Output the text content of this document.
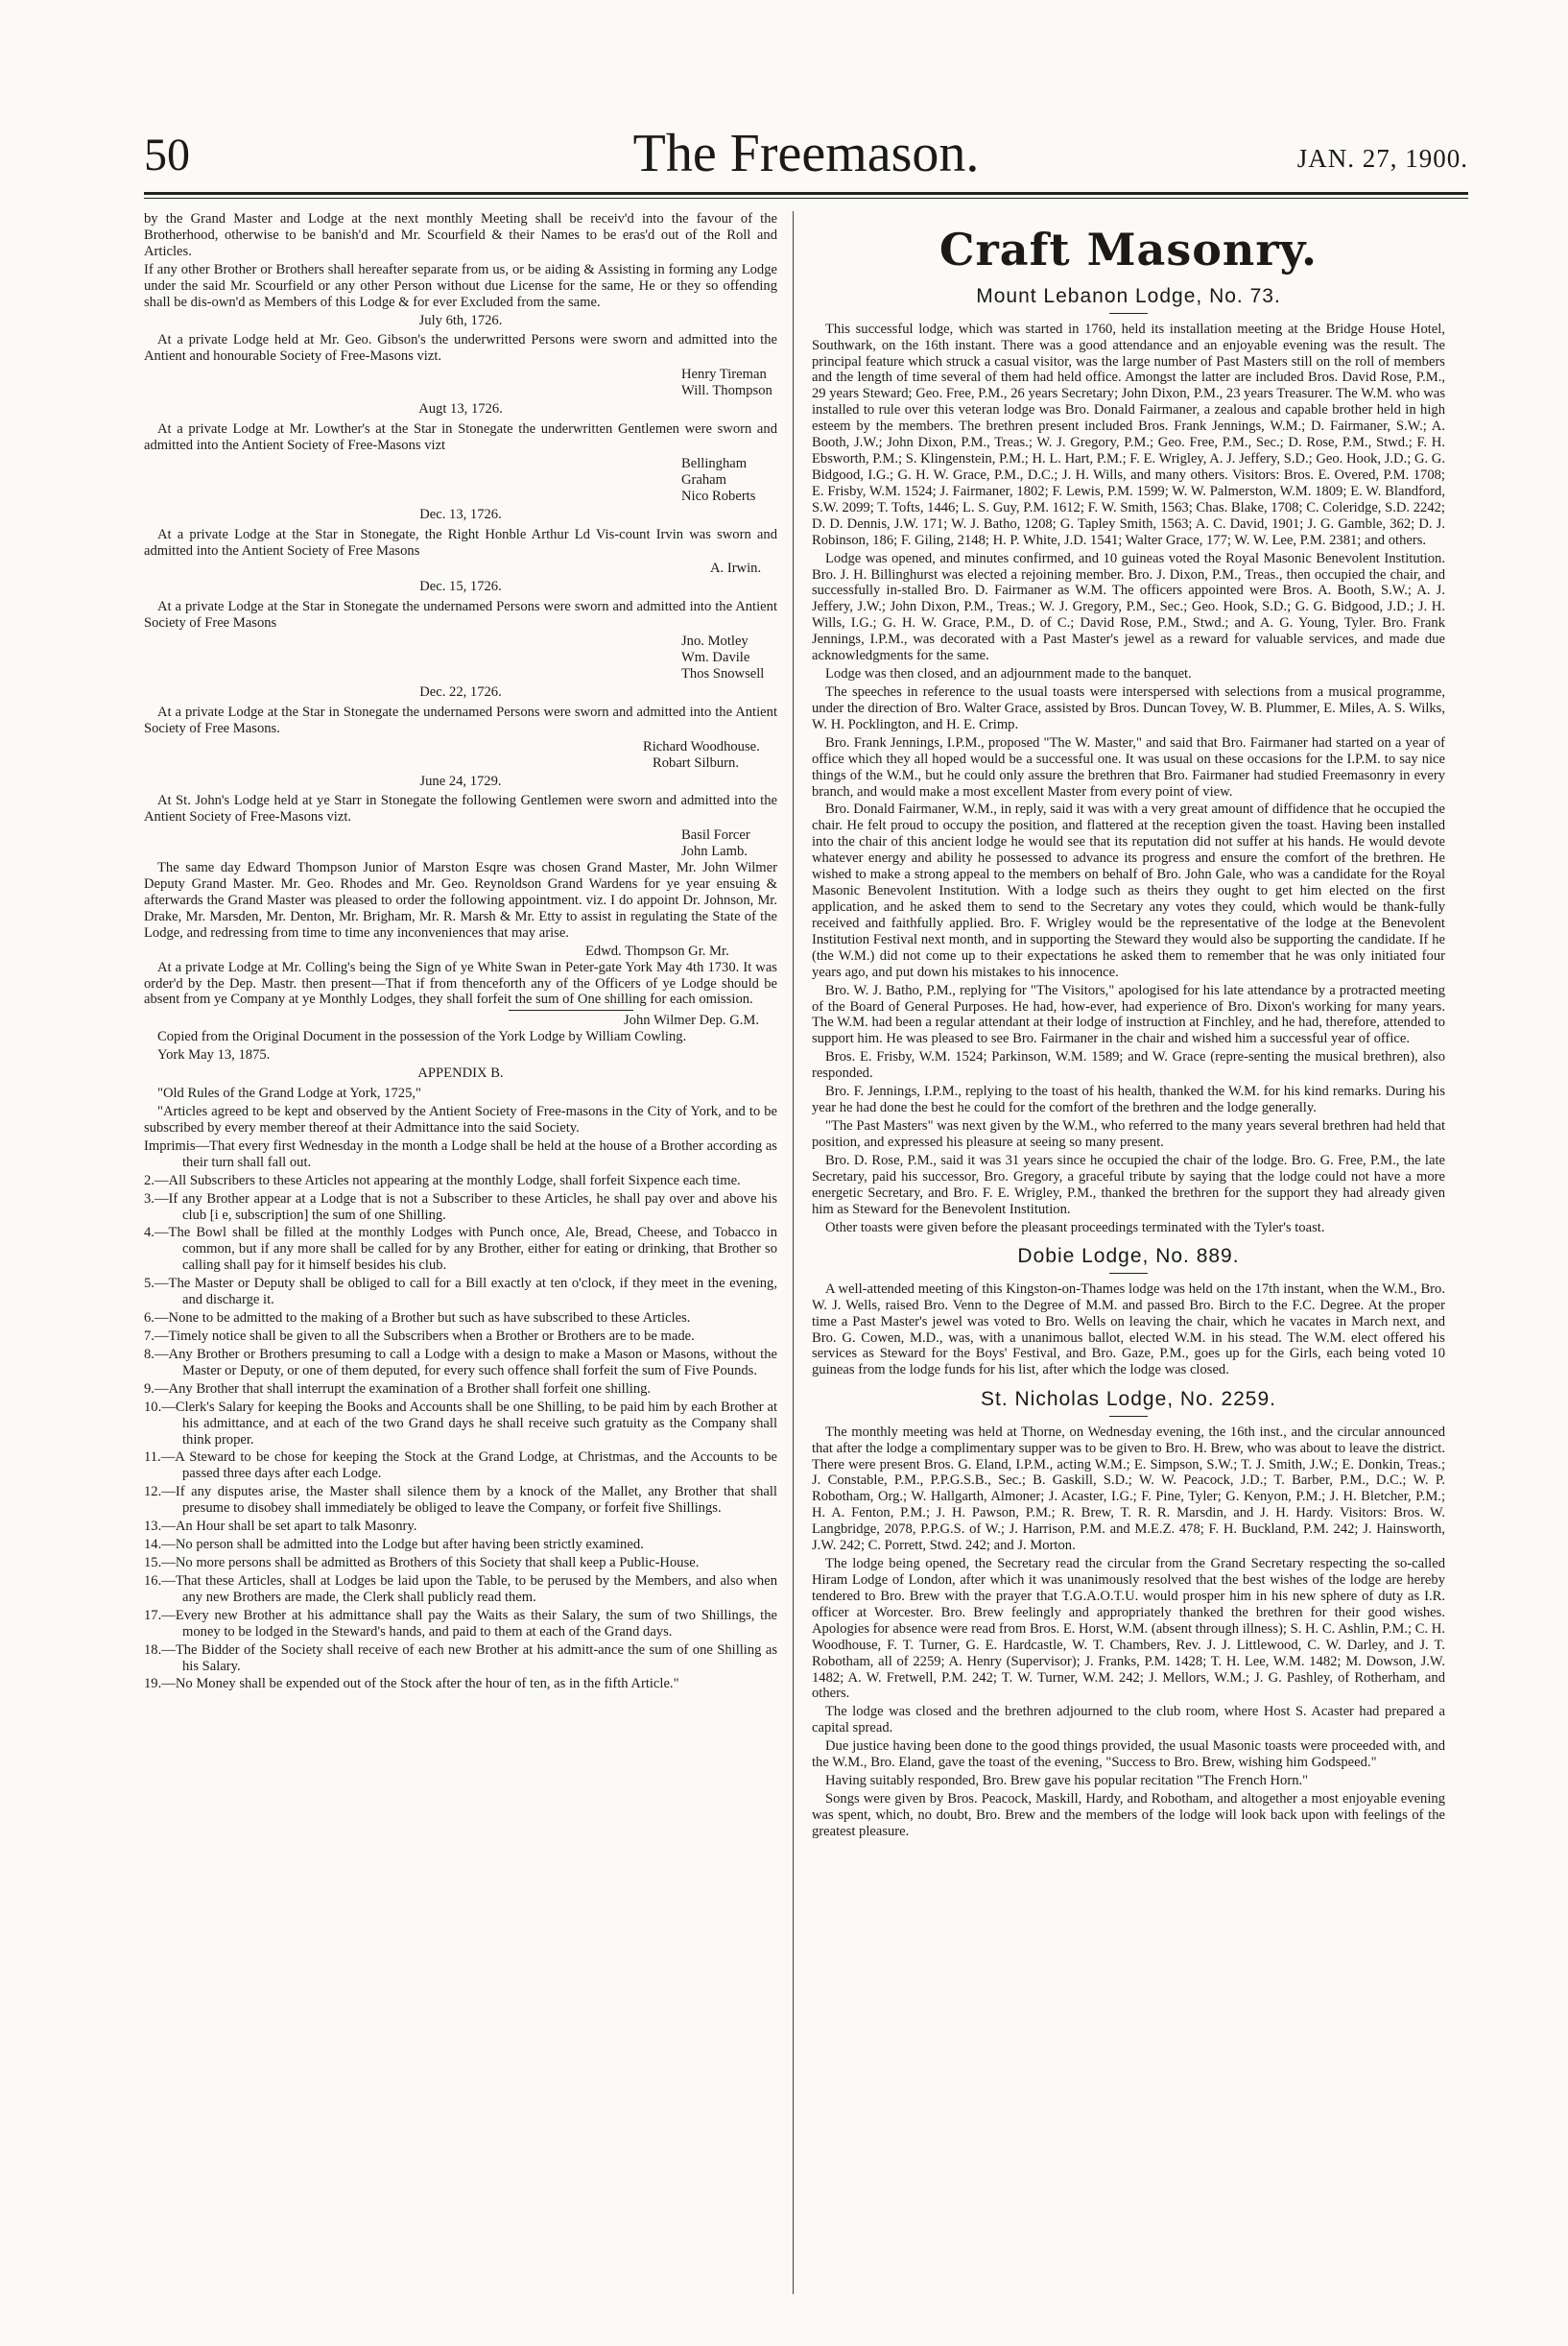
50	The Freemason.	JAN. 27, 1900.

by the Grand Master and Lodge at the next monthly Meeting shall be receiv'd into the favour of the Brotherhood, otherwise to be banish'd and Mr. Scourfield & their Names to be eras'd out of the Roll and Articles.

If any other Brother or Brothers shall hereafter separate from us, or be aiding & Assisting in forming any Lodge under the said Mr. Scourfield or any other Person without due License for the same, He or they so offending shall be dis-own'd as Members of this Lodge & for ever Excluded from the same.

July 6th, 1726.

At a private Lodge held at Mr. Geo. Gibson's the underwritted Persons were sworn and admitted into the Antient and honourable Society of Free-Masons vizt.

Henry Tireman
Will. Thompson
Augt 13, 1726.

At a private Lodge at Mr. Lowther's at the Star in Stonegate the underwritten Gentlemen were sworn and admitted into the Antient Society of Free-Masons vizt

Bellingham Graham
Nico Roberts
Dec. 13, 1726.

At a private Lodge at the Star in Stonegate, the Right Honble Arthur Ld Vis-count Irvin was sworn and admitted into the Antient Society of Free Masons

A. Irwin.
Dec. 15, 1726.

At a private Lodge at the Star in Stonegate the undernamed Persons were sworn and admitted into the Antient Society of Free Masons

Jno. Motley
Wm. Davile
Thos Snowsell
Dec. 22, 1726.

At a private Lodge at the Star in Stonegate the undernamed Persons were sworn and admitted into the Antient Society of Free Masons.

Richard Woodhouse.
Robart Silburn.
June 24, 1729.

At St. John's Lodge held at ye Starr in Stonegate the following Gentlemen were sworn and admitted into the Antient Society of Free-Masons vizt.

Basil Forcer
John Lamb.

The same day Edward Thompson Junior of Marston Esqre was chosen Grand Master, Mr. John Wilmer Deputy Grand Master. Mr. Geo. Rhodes and Mr. Geo. Reynoldson Grand Wardens for ye year ensuing & afterwards the Grand Master was pleased to order the following appointment. viz. I do appoint Dr. Johnson, Mr. Drake, Mr. Marsden, Mr. Denton, Mr. Brigham, Mr. R. Marsh & Mr. Etty to assist in regulating the State of the Lodge, and redressing from time to time any inconveniences that may arise.

Edwd. Thompson Gr. Mr.

At a private Lodge at Mr. Colling's being the Sign of ye White Swan in Peter-gate York May 4th 1730. It was order'd by the Dep. Mastr. then present—That if from thenceforth any of the Officers of ye Lodge should be absent from ye Company at ye Monthly Lodges, they shall forfeit the sum of One shilling for each omission.

John Wilmer Dep. G.M.

Copied from the Original Document in the possession of the York Lodge by William Cowling.

York May 13, 1875.

APPENDIX B.

"Old Rules of the Grand Lodge at York, 1725,"

"Articles agreed to be kept and observed by the Antient Society of Free-masons in the City of York, and to be subscribed by every member thereof at their Admittance into the said Society.

Imprimis—That every first Wednesday in the month a Lodge shall be held at the house of a Brother according as their turn shall fall out.

2.—All Subscribers to these Articles not appearing at the monthly Lodge, shall forfeit Sixpence each time.

3.—If any Brother appear at a Lodge that is not a Subscriber to these Articles, he shall pay over and above his club [i e, subscription] the sum of one Shilling.

4.—The Bowl shall be filled at the monthly Lodges with Punch once, Ale, Bread, Cheese, and Tobacco in common, but if any more shall be called for by any Brother, either for eating or drinking, that Brother so calling shall pay for it himself besides his club.

5.—The Master or Deputy shall be obliged to call for a Bill exactly at ten o'clock, if they meet in the evening, and discharge it.

6.—None to be admitted to the making of a Brother but such as have subscribed to these Articles.

7.—Timely notice shall be given to all the Subscribers when a Brother or Brothers are to be made.

8.—Any Brother or Brothers presuming to call a Lodge with a design to make a Mason or Masons, without the Master or Deputy, or one of them deputed, for every such offence shall forfeit the sum of Five Pounds.

9.—Any Brother that shall interrupt the examination of a Brother shall forfeit one shilling.

10.—Clerk's Salary for keeping the Books and Accounts shall be one Shilling, to be paid him by each Brother at his admittance, and at each of the two Grand days he shall receive such gratuity as the Company shall think proper.

11.—A Steward to be chose for keeping the Stock at the Grand Lodge, at Christmas, and the Accounts to be passed three days after each Lodge.

12.—If any disputes arise, the Master shall silence them by a knock of the Mallet, any Brother that shall presume to disobey shall immediately be obliged to leave the Company, or forfeit five Shillings.

13.—An Hour shall be set apart to talk Masonry.

14.—No person shall be admitted into the Lodge but after having been strictly examined.

15.—No more persons shall be admitted as Brothers of this Society that shall keep a Public-House.

16.—That these Articles, shall at Lodges be laid upon the Table, to be perused by the Members, and also when any new Brothers are made, the Clerk shall publicly read them.

17.—Every new Brother at his admittance shall pay the Waits as their Salary, the sum of two Shillings, the money to be lodged in the Steward's hands, and paid to them at each of the Grand days.

18.—The Bidder of the Society shall receive of each new Brother at his admitt-ance the sum of one Shilling as his Salary.

19.—No Money shall be expended out of the Stock after the hour of ten, as in the fifth Article."

Craft Masonry.
Mount Lebanon Lodge, No. 73.

This successful lodge, which was started in 1760, held its installation meeting at the Bridge House Hotel, Southwark, on the 16th instant. There was a good attendance and an enjoyable evening was the result. The principal feature which struck a casual visitor, was the large number of Past Masters still on the roll of members and the length of time several of them had held office. Amongst the latter are included Bros. David Rose, P.M., 29 years Steward; Geo. Free, P.M., 26 years Secretary; John Dixon, P.M., 23 years Treasurer. The W.M. who was installed to rule over this veteran lodge was Bro. Donald Fairmaner, a zealous and capable brother held in high esteem by the members. The brethren present included Bros. Frank Jennings, W.M.; D. Fairmaner, S.W.; A. Booth, J.W.; John Dixon, P.M., Treas.; W. J. Gregory, P.M.; Geo. Free, P.M., Sec.; D. Rose, P.M., Stwd.; F. H. Ebsworth, P.M.; S. Klingenstein, P.M.; H. L. Hart, P.M.; F. E. Wrigley, A. J. Jeffery, S.D.; Geo. Hook, J.D.; G. G. Bidgood, I.G.; G. H. W. Grace, P.M., D.C.; J. H. Wills, and many others. Visitors: Bros. E. Overed, P.M. 1708; E. Frisby, W.M. 1524; J. Fairmaner, 1802; F. Lewis, P.M. 1599; W. W. Palmerston, W.M. 1809; E. W. Blandford, S.W. 2099; T. Tofts, 1446; L. S. Guy, P.M. 1612; F. W. Smith, 1563; Chas. Blake, 1708; C. Coleridge, S.D. 2242; D. D. Dennis, J.W. 171; W. J. Batho, 1208; G. Tapley Smith, 1563; A. C. David, 1901; J. G. Gamble, 362; D. J. Robinson, 186; F. Giling, 2148; H. P. White, J.D. 1541; Walter Grace, 177; W. W. Lee, P.M. 2381; and others.

Lodge was opened, and minutes confirmed, and 10 guineas voted the Royal Masonic Benevolent Institution. Bro. J. H. Billinghurst was elected a rejoining member. Bro. J. Dixon, P.M., Treas., then occupied the chair, and successfully in-stalled Bro. D. Fairmaner as W.M. The officers appointed were Bros. A. Booth, S.W.; A. J. Jeffery, J.W.; John Dixon, P.M., Treas.; W. J. Gregory, P.M., Sec.; Geo. Hook, S.D.; G. G. Bidgood, J.D.; J. H. Wills, I.G.; G. H. W. Grace, P.M., D. of C.; David Rose, P.M., Stwd.; and A. G. Young, Tyler. Bro. Frank Jennings, I.P.M., was decorated with a Past Master's jewel as a reward for valuable services, and made due acknowledgments for the same.

Lodge was then closed, and an adjournment made to the banquet.

The speeches in reference to the usual toasts were interspersed with selections from a musical programme, under the direction of Bro. Walter Grace, assisted by Bros. Duncan Tovey, W. B. Plummer, E. Miles, A. S. Wilks, W. H. Pocklington, and H. E. Crimp.

Bro. Frank Jennings, I.P.M., proposed "The W. Master," and said that Bro. Fairmaner had started on a year of office which they all hoped would be a successful one. It was usual on these occasions for the I.P.M. to say nice things of the W.M., but he could only assure the brethren that Bro. Fairmaner had studied Freemasonry in every branch, and would make a most excellent Master from every point of view.

Bro. Donald Fairmaner, W.M., in reply, said it was with a very great amount of diffidence that he occupied the chair. He felt proud to occupy the position, and flattered at the reception given the toast. Having been installed into the chair of this ancient lodge he would see that its reputation did not suffer at his hands. He would devote whatever energy and ability he possessed to advance its progress and ensure the comfort of the brethren. He wished to make a strong appeal to the members on behalf of Bro. John Gale, who was a candidate for the Royal Masonic Benevolent Institution. With a lodge such as theirs they ought to get him elected on the first application, and he asked them to send to the Secretary any votes they could, which would be thank-fully received and faithfully applied. Bro. F. Wrigley would be the representative of the lodge at the Benevolent Institution Festival next month, and in supporting the Steward they would also be supporting the candidate. If he (the W.M.) did not come up to their expectations he asked them to remember that he was only initiated four years ago, and put down his mistakes to his innocence.

Bro. W. J. Batho, P.M., replying for "The Visitors," apologised for his late attendance by a protracted meeting of the Board of General Purposes. He had, how-ever, had experience of Bro. Dixon's working for many years. The W.M. had been a regular attendant at their lodge of instruction at Finchley, and he had, therefore, attended to support him. He was pleased to see Bro. Fairmaner in the chair and wished him a successful year of office.

Bros. E. Frisby, W.M. 1524; Parkinson, W.M. 1589; and W. Grace (repre-senting the musical brethren), also responded.

Bro. F. Jennings, I.P.M., replying to the toast of his health, thanked the W.M. for his kind remarks. During his year he had done the best he could for the comfort of the brethren and the lodge generally.

"The Past Masters" was next given by the W.M., who referred to the many years several brethren had held that position, and expressed his pleasure at seeing so many present.

Bro. D. Rose, P.M., said it was 31 years since he occupied the chair of the lodge. Bro. G. Free, P.M., the late Secretary, paid his successor, Bro. Gregory, a graceful tribute by saying that the lodge could not have a more energetic Secretary, and Bro. F. E. Wrigley, P.M., thanked the brethren for the support they had already given him as Steward for the Benevolent Institution.

Other toasts were given before the pleasant proceedings terminated with the Tyler's toast.

Dobie Lodge, No. 889.

A well-attended meeting of this Kingston-on-Thames lodge was held on the 17th instant, when the W.M., Bro. W. J. Wells, raised Bro. Venn to the Degree of M.M. and passed Bro. Birch to the F.C. Degree. At the proper time a Past Master's jewel was voted to Bro. Wells on leaving the chair, which he vacates in March next, and Bro. G. Cowen, M.D., was, with a unanimous ballot, elected W.M. in his stead. The W.M. elect offered his services as Steward for the Boys' Festival, and Bro. Gaze, P.M., goes up for the Girls, each being voted 10 guineas from the lodge funds for his list, after which the lodge was closed.

St. Nicholas Lodge, No. 2259.

The monthly meeting was held at Thorne, on Wednesday evening, the 16th inst., and the circular announced that after the lodge a complimentary supper was to be given to Bro. H. Brew, who was about to leave the district. There were present Bros. G. Eland, I.P.M., acting W.M.; E. Simpson, S.W.; T. J. Smith, J.W.; E. Donkin, Treas.; J. Constable, P.M., P.P.G.S.B., Sec.; B. Gaskill, S.D.; W. W. Peacock, J.D.; T. Barber, P.M., D.C.; W. P. Robotham, Org.; W. Hallgarth, Almoner; J. Acaster, I.G.; F. Pine, Tyler; G. Kenyon, P.M.; J. H. Bletcher, P.M.; H. A. Fenton, P.M.; J. H. Pawson, P.M.; R. Brew, T. R. R. Marsdin, and J. H. Hardy. Visitors: Bros. W. Langbridge, 2078, P.P.G.S. of W.; J. Harrison, P.M. and M.E.Z. 478; F. H. Buckland, P.M. 242; J. Hainsworth, J.W. 242; C. Porrett, Stwd. 242; and J. Morton.

The lodge being opened, the Secretary read the circular from the Grand Secretary respecting the so-called Hiram Lodge of London, after which it was unanimously resolved that the best wishes of the lodge are hereby tendered to Bro. Brew with the prayer that T.G.A.O.T.U. would prosper him in his new sphere of duty as I.R. officer at Worcester. Bro. Brew feelingly and appropriately thanked the brethren for their good wishes. Apologies for absence were read from Bros. E. Horst, W.M. (absent through illness); S. H. C. Ashlin, P.M.; C. H. Woodhouse, F. T. Turner, G. E. Hardcastle, W. T. Chambers, Rev. J. J. Littlewood, C. W. Darley, and J. T. Robotham, all of 2259; A. Henry (Supervisor); J. Franks, P.M. 1428; T. H. Lee, W.M. 1482; M. Dowson, J.W. 1482; A. W. Fretwell, P.M. 242; T. W. Turner, W.M. 242; J. Mellors, W.M.; J. G. Pashley, of Rotherham, and others.

The lodge was closed and the brethren adjourned to the club room, where Host S. Acaster had prepared a capital spread.

Due justice having been done to the good things provided, the usual Masonic toasts were proceeded with, and the W.M., Bro. Eland, gave the toast of the evening, "Success to Bro. Brew, wishing him Godspeed."

Having suitably responded, Bro. Brew gave his popular recitation "The French Horn."

Songs were given by Bros. Peacock, Maskill, Hardy, and Robotham, and altogether a most enjoyable evening was spent, which, no doubt, Bro. Brew and the members of the lodge will look back upon with feelings of the greatest pleasure.
